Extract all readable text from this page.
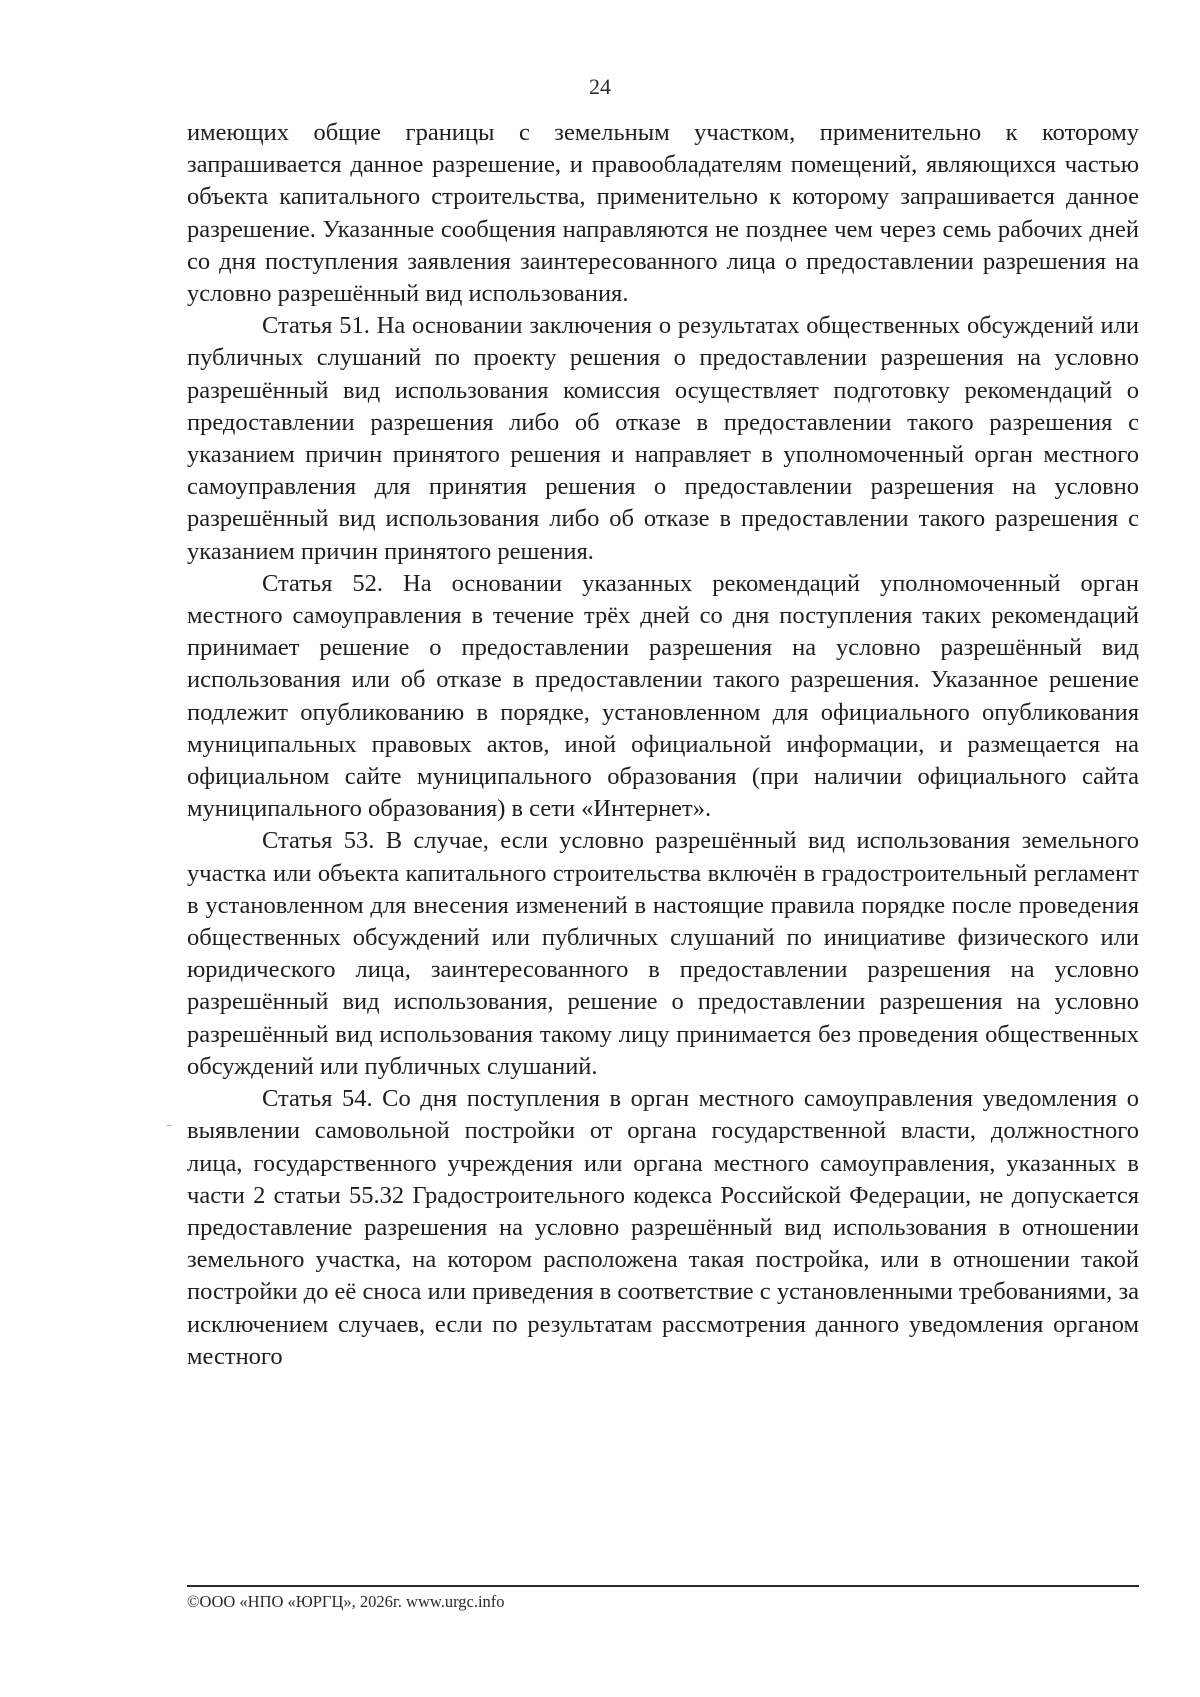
24

имеющих общие границы с земельным участком, применительно к которому запрашивается данное разрешение, и правообладателям помещений, являющихся частью объекта капитального строительства, применительно к которому запрашивается данное разрешение. Указанные сообщения направляются не позднее чем через семь рабочих дней со дня поступления заявления заинтересованного лица о предоставлении разрешения на условно разрешённый вид использования.

Статья 51. На основании заключения о результатах общественных обсуждений или публичных слушаний по проекту решения о предоставлении разрешения на условно разрешённый вид использования комиссия осуществляет подготовку рекомендаций о предоставлении разрешения либо об отказе в предоставлении такого разрешения с указанием причин принятого решения и направляет в уполномоченный орган местного самоуправления для принятия решения о предоставлении разрешения на условно разрешённый вид использования либо об отказе в предоставлении такого разрешения с указанием причин принятого решения.

Статья 52. На основании указанных рекомендаций уполномоченный орган местного самоуправления в течение трёх дней со дня поступления таких рекомендаций принимает решение о предоставлении разрешения на условно разрешённый вид использования или об отказе в предоставлении такого разрешения. Указанное решение подлежит опубликованию в порядке, установленном для официального опубликования муниципальных правовых актов, иной официальной информации, и размещается на официальном сайте муниципального образования (при наличии официального сайта муниципального образования) в сети «Интернет».

Статья 53. В случае, если условно разрешённый вид использования земельного участка или объекта капитального строительства включён в градостроительный регламент в установленном для внесения изменений в настоящие правила порядке после проведения общественных обсуждений или публичных слушаний по инициативе физического или юридического лица, заинтересованного в предоставлении разрешения на условно разрешённый вид использования, решение о предоставлении разрешения на условно разрешённый вид использования такому лицу принимается без проведения общественных обсуждений или публичных слушаний.

Статья 54. Со дня поступления в орган местного самоуправления уведомления о выявлении самовольной постройки от органа государственной власти, должностного лица, государственного учреждения или органа местного самоуправления, указанных в части 2 статьи 55.32 Градостроительного кодекса Российской Федерации, не допускается предоставление разрешения на условно разрешённый вид использования в отношении земельного участка, на котором расположена такая постройка, или в отношении такой постройки до её сноса или приведения в соответствие с установленными требованиями, за исключением случаев, если по результатам рассмотрения данного уведомления органом местного

©ООО «НПО «ЮРГЦ», 2026г. www.urgc.info
